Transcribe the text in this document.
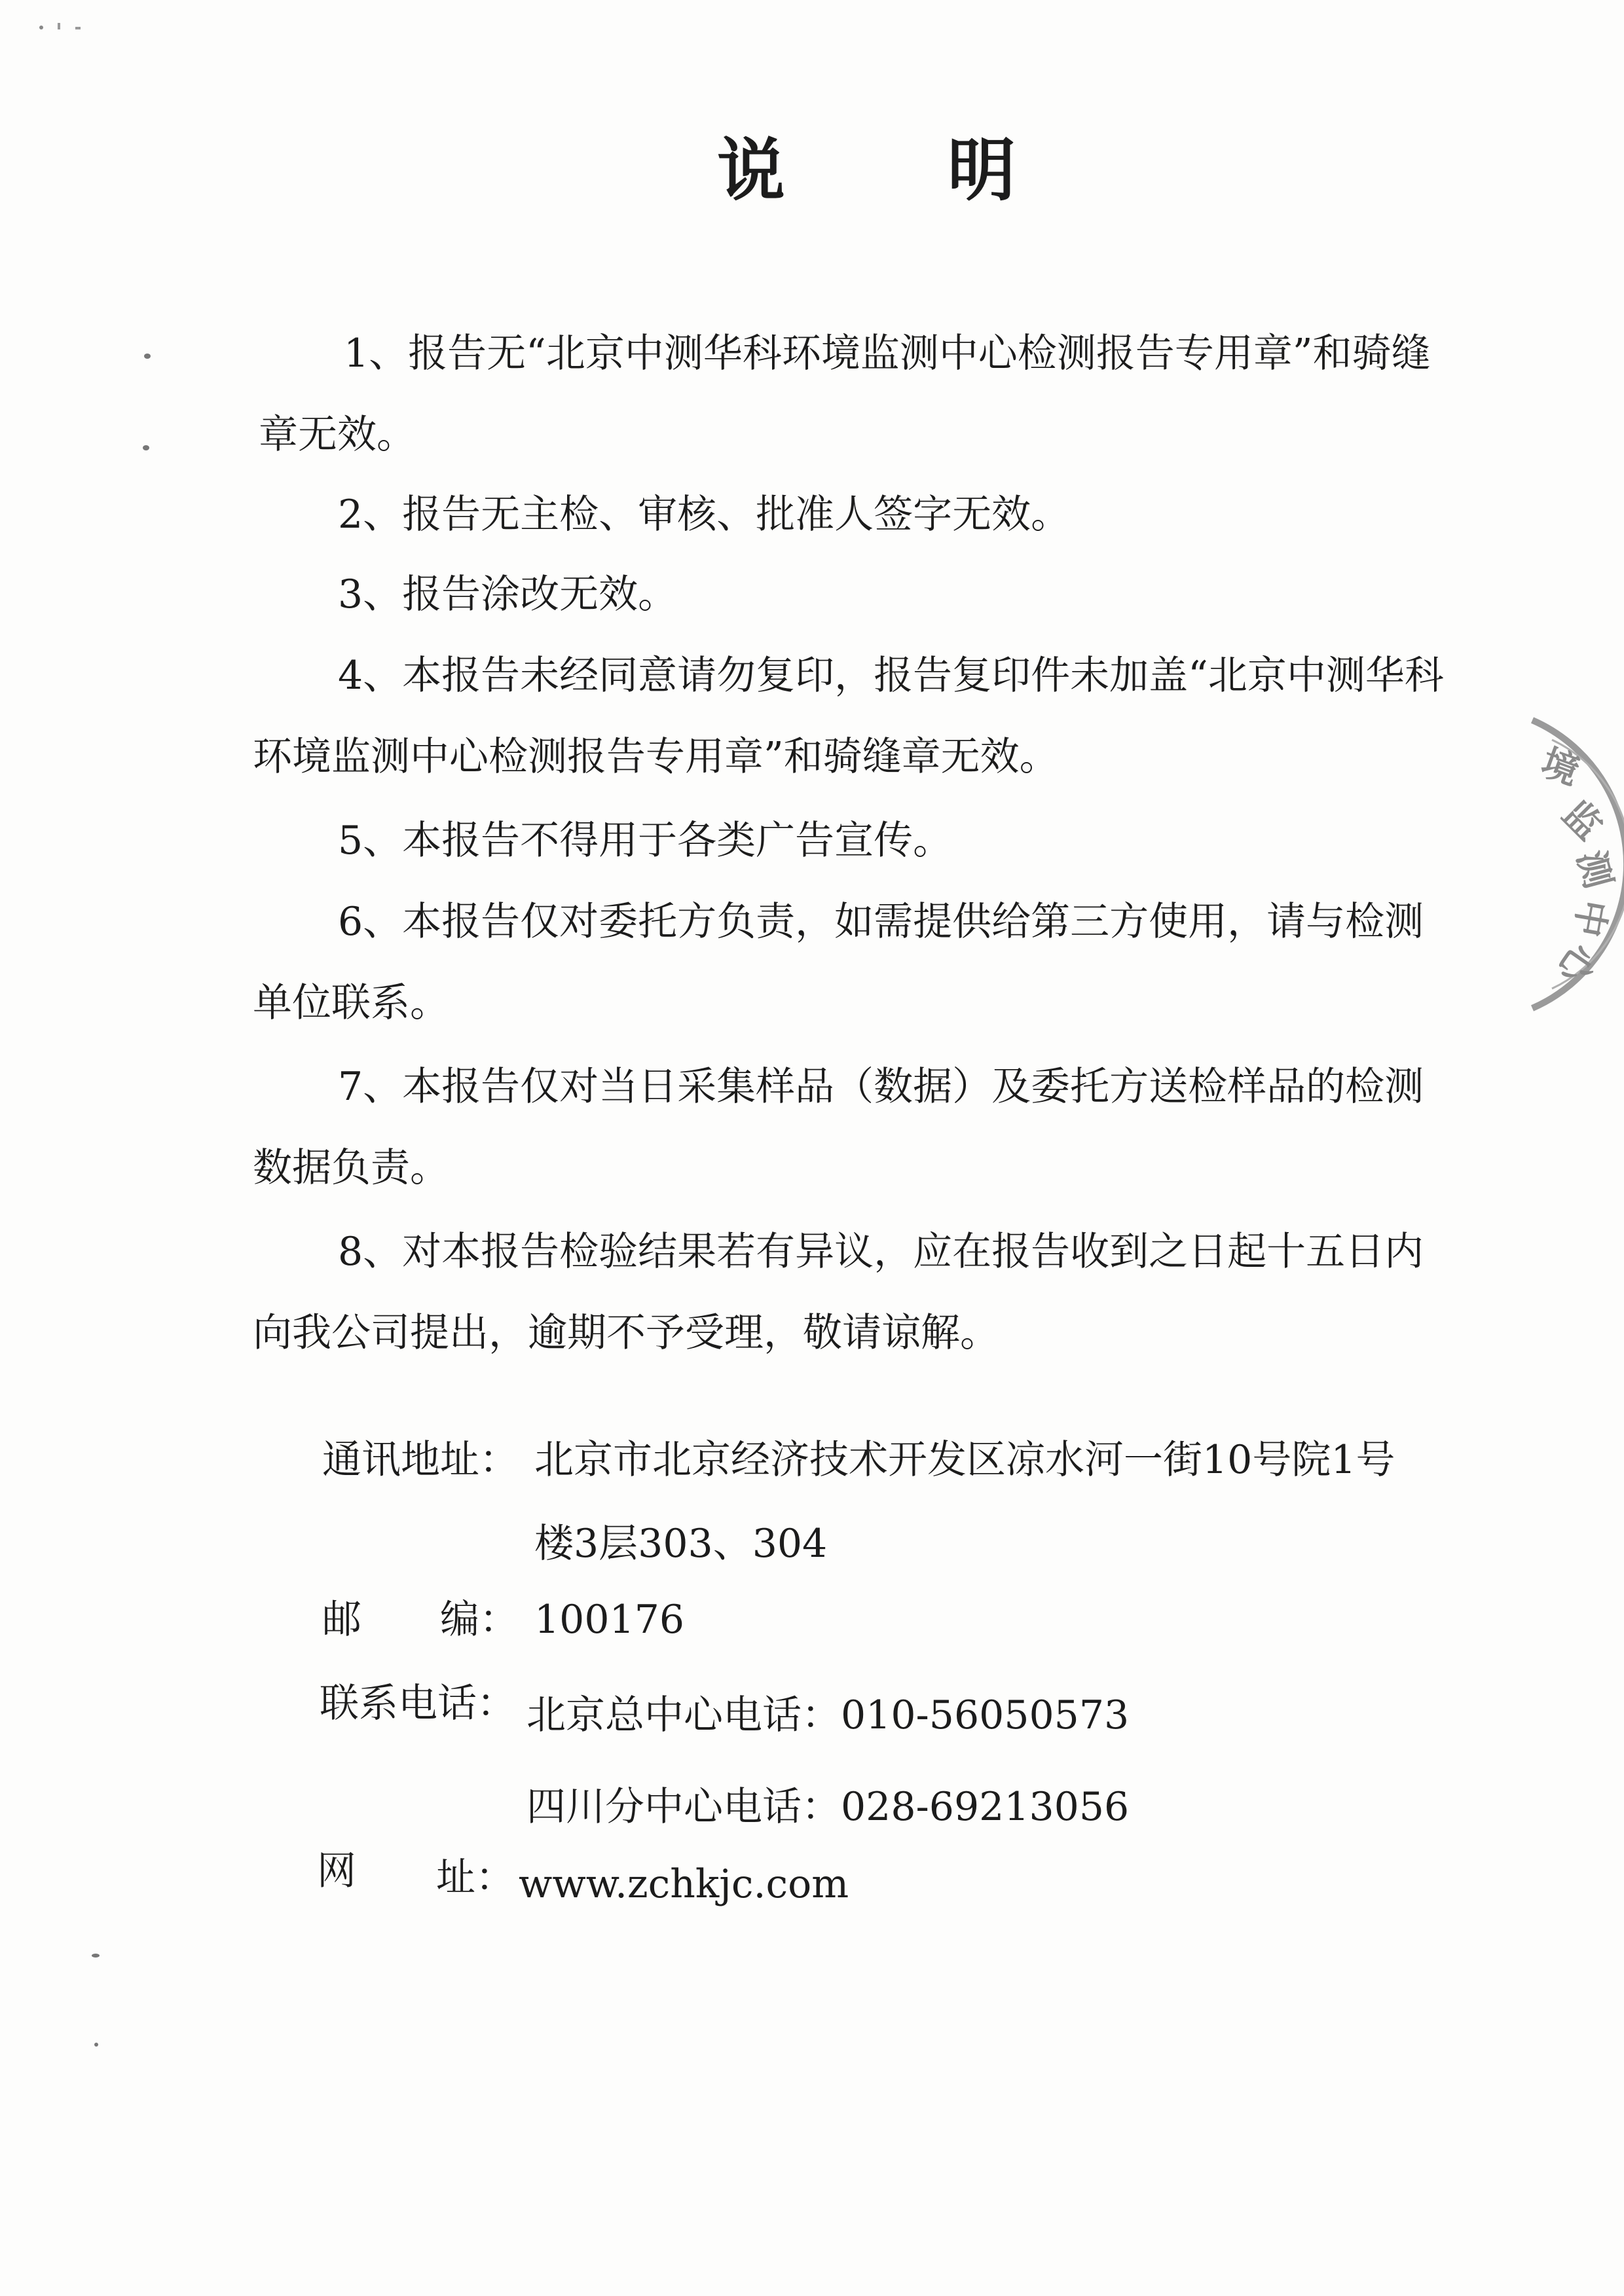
说明
1、报告无“北京中测华科环境监测中心检测报告专用章”和骑缝章无效。
2、报告无主检、审核、批准人签字无效。
3、报告涂改无效。
4、本报告未经同意请勿复印，报告复印件未加盖“北京中测华科环境监测中心检测报告专用章”和骑缝章无效。
5、本报告不得用于各类广告宣传。
6、本报告仅对委托方负责，如需提供给第三方使用，请与检测单位联系。
7、本报告仅对当日采集样品（数据）及委托方送检样品的检测数据负责。
8、对本报告检验结果若有异议，应在报告收到之日起十五日内向我公司提出，逾期不予受理，敬请谅解。
通讯地址： 北京市北京经济技术开发区凉水河一街10号院1号楼3层303、304
邮 编： 100176
联系电话： 北京总中心电话：010-56050573
四川分中心电话：028-69213056
网 址： www.zchkjc.com
境
监
测
中
心
